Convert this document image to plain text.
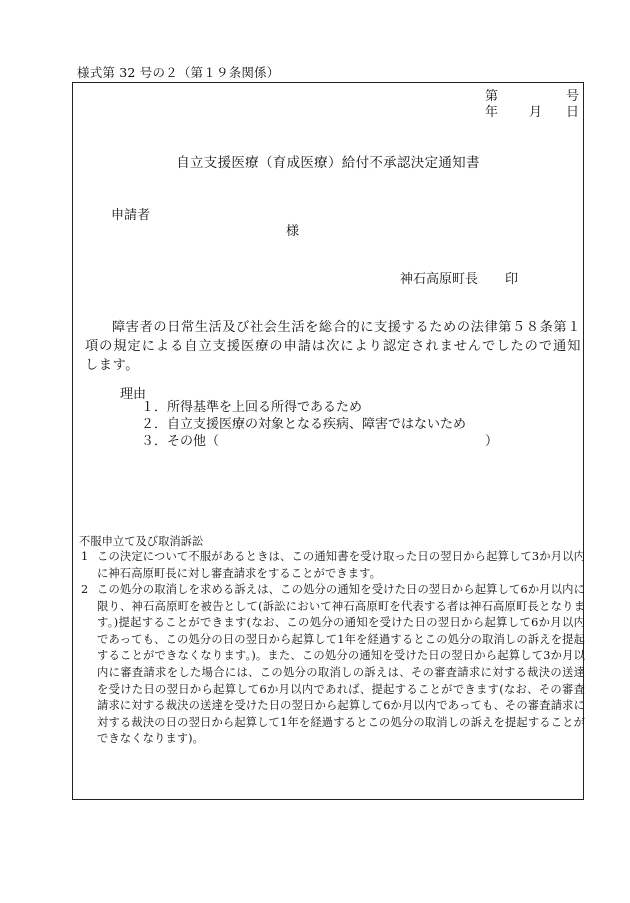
様式第 32 号の２（第１９条関係）
第	号
年 月 日
自立支援医療（育成医療）給付不承認決定通知書
申請者
様
神石高原町長 印
障害者の日常生活及び社会生活を総合的に支援するための法律第５８条第１項の規定による自立支援医療の申請は次により認定されませんでしたので通知します。
理由
１．所得基準を上回る所得であるため
２．自立支援医療の対象となる疾病、障害ではないため
３．その他（	）
不服申立て及び取消訴訟
1 この決定について不服があるときは、この通知書を受け取った日の翌日から起算して3か月以内に神石高原町長に対し審査請求をすることができます。
2 この処分の取消しを求める訴えは、この処分の通知を受けた日の翌日から起算して6か月以内に限り、神石高原町を被告として(訴訟において神石高原町を代表する者は神石高原町長となります。)提起することができます(なお、この処分の通知を受けた日の翌日から起算して6か月以内であっても、この処分の日の翌日から起算して1年を経過するとこの処分の取消しの訴えを提起することができなくなります。)。また、この処分の通知を受けた日の翌日から起算して3か月以内に審査請求をした場合には、この処分の取消しの訴えは、その審査請求に対する裁決の送達を受けた日の翌日から起算して6か月以内であれば、提起することができます(なお、その審査請求に対する裁決の送達を受けた日の翌日から起算して6か月以内であっても、その審査請求に対する裁決の日の翌日から起算して1年を経過するとこの処分の取消しの訴えを提起することができなくなります)。
